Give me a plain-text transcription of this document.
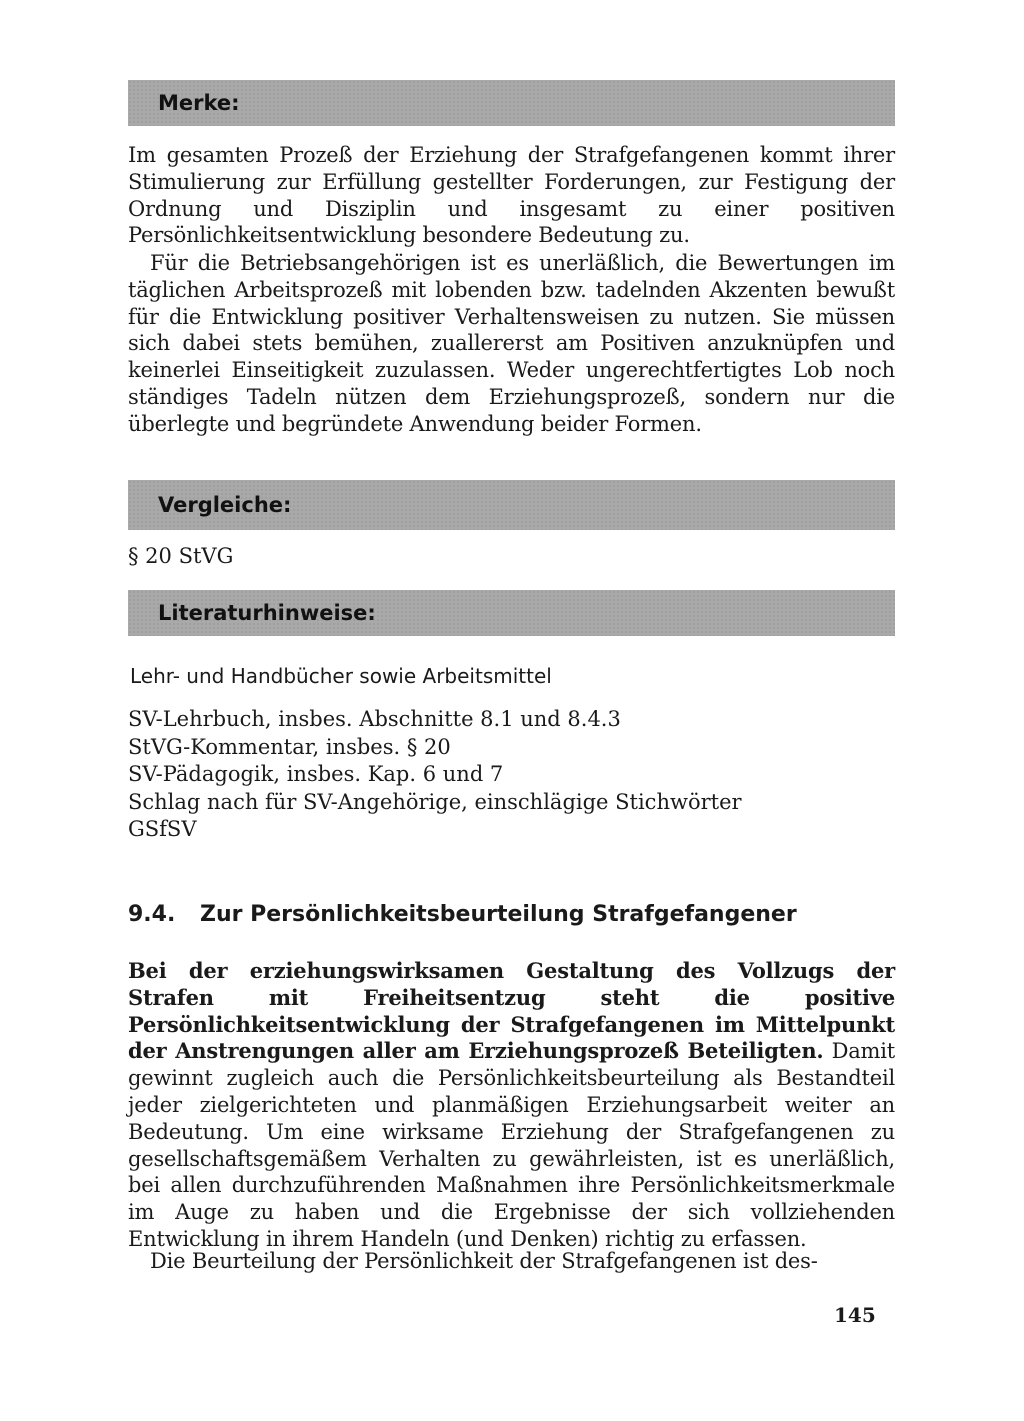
Merke:

Im gesamten Prozeß der Erziehung der Strafgefangenen kommt ihrer Stimulierung zur Erfüllung gestellter Forderungen, zur Festigung der Ordnung und Disziplin und insgesamt zu einer positiven Persönlichkeitsentwicklung besondere Bedeutung zu.

Für die Betriebsangehörigen ist es unerläßlich, die Bewertungen im täglichen Arbeitsprozeß mit lobenden bzw. tadelnden Akzenten bewußt für die Entwicklung positiver Verhaltensweisen zu nutzen. Sie müssen sich dabei stets bemühen, zuallererst am Positiven anzuknüpfen und keinerlei Einseitigkeit zuzulassen. Weder ungerechtfertigtes Lob noch ständiges Tadeln nützen dem Erziehungsprozeß, sondern nur die überlegte und begründete Anwendung beider Formen.

Vergleiche:
§ 20 StVG
Literaturhinweise:
Lehr- und Handbücher sowie Arbeitsmittel
SV-Lehrbuch, insbes. Abschnitte 8.1 und 8.4.3
StVG-Kommentar, insbes. § 20
SV-Pädagogik, insbes. Kap. 6 und 7
Schlag nach für SV-Angehörige, einschlägige Stichwörter
GSfSV
9.4. Zur Persönlichkeitsbeurteilung Strafgefangener

Bei der erziehungswirksamen Gestaltung des Vollzugs der Strafen mit Freiheitsentzug steht die positive Persönlichkeitsentwicklung der Strafgefangenen im Mittelpunkt der Anstrengungen aller am Erziehungsprozeß Beteiligten. Damit gewinnt zugleich auch die Persönlichkeitsbeurteilung als Bestandteil jeder zielgerichteten und planmäßigen Erziehungsarbeit weiter an Bedeutung. Um eine wirksame Erziehung der Strafgefangenen zu gesellschaftsgemäßem Verhalten zu gewährleisten, ist es unerläßlich, bei allen durchzuführenden Maßnahmen ihre Persönlichkeitsmerkmale im Auge zu haben und die Ergebnisse der sich vollziehenden Entwicklung in ihrem Handeln (und Denken) richtig zu erfassen.

Die Beurteilung der Persönlichkeit der Strafgefangenen ist des-

145
